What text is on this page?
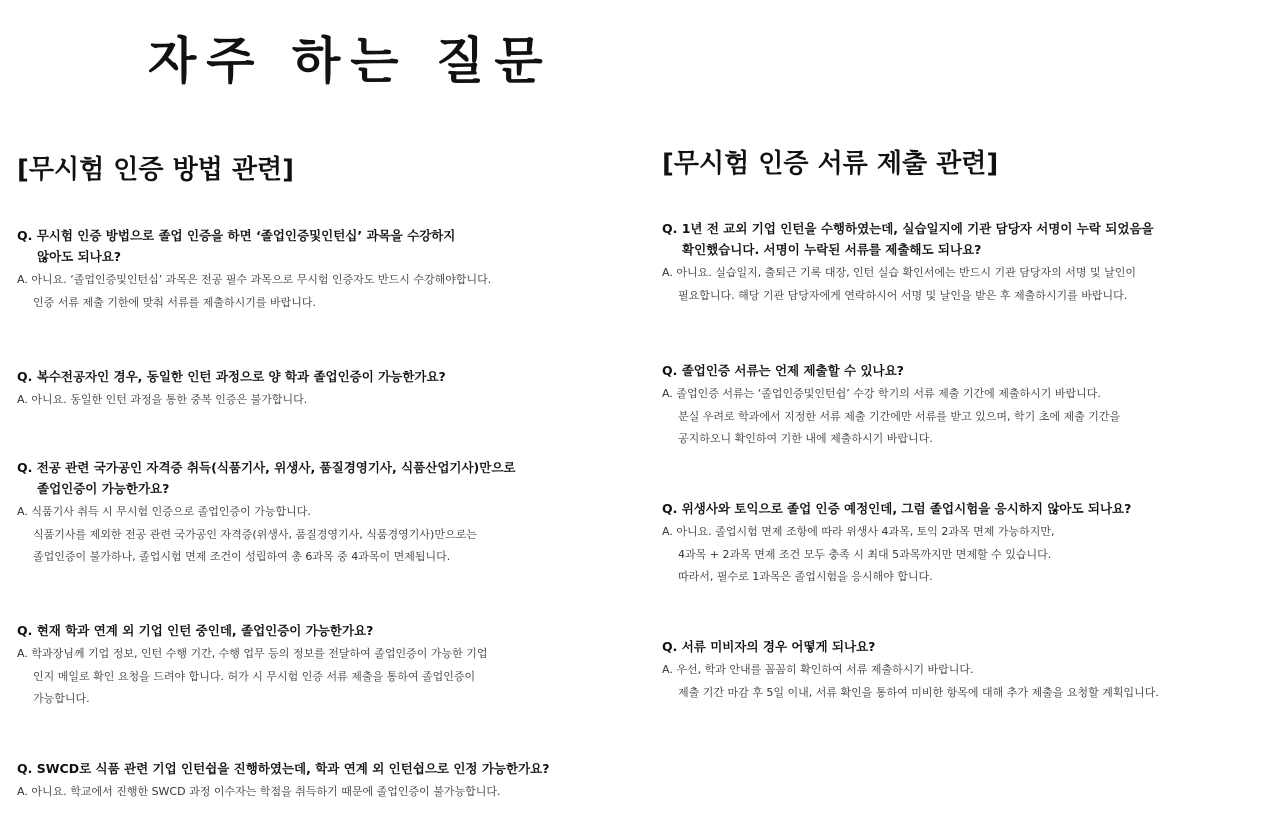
자주 하는 질문
[무시험 인증 방법 관련]

Q. 무시험 인증 방법으로 졸업 인증을 하면 ‘졸업인증및인턴십’ 과목을 수강하지
않아도 되나요?

A. 아니요. ‘졸업인증및인턴십’ 과목은 전공 필수 과목으로 무시험 인증자도 반드시 수강해야합니다.
인증 서류 제출 기한에 맞춰 서류를 제출하시기를 바랍니다.

Q. 복수전공자인 경우, 동일한 인턴 과정으로 양 학과 졸업인증이 가능한가요?

A. 아니요. 동일한 인턴 과정을 통한 중복 인증은 불가합니다.

Q. 전공 관련 국가공인 자격증 취득(식품기사, 위생사, 품질경영기사, 식품산업기사)만으로
졸업인증이 가능한가요?

A. 식품기사 취득 시 무시험 인증으로 졸업인증이 가능합니다.
식품기사를 제외한 전공 관련 국가공인 자격증(위생사, 품질경영기사, 식품경영기사)만으로는
졸업인증이 불가하나, 졸업시험 면제 조건이 성립하여 총 6과목 중 4과목이 면제됩니다.

Q. 현재 학과 연계 외 기업 인턴 중인데, 졸업인증이 가능한가요?

A. 학과장님께 기업 정보, 인턴 수행 기간, 수행 업무 등의 정보를 전달하여 졸업인증이 가능한 기업
인지 메일로 확인 요청을 드려야 합니다. 허가 시 무시험 인증 서류 제출을 통하여 졸업인증이
가능합니다.

Q. SWCD로 식품 관련 기업 인턴쉽을 진행하였는데, 학과 연계 외 인턴쉽으로 인정 가능한가요?

A. 아니요. 학교에서 진행한 SWCD 과정 이수자는 학점을 취득하기 때문에 졸업인증이 불가능합니다.

[무시험 인증 서류 제출 관련]

Q. 1년 전 교외 기업 인턴을 수행하였는데, 실습일지에 기관 담당자 서명이 누락 되었음을
확인했습니다. 서명이 누락된 서류를 제출해도 되나요?

A. 아니요. 실습일지, 출퇴근 기록 대장, 인턴 실습 확인서에는 반드시 기관 담당자의 서명 및 날인이
필요합니다. 해당 기관 담당자에게 연락하시어 서명 및 날인을 받은 후 제출하시기를 바랍니다.

Q. 졸업인증 서류는 언제 제출할 수 있나요?

A. 졸업인증 서류는 ‘졸업인증및인턴쉽’ 수강 학기의 서류 제출 기간에 제출하시기 바랍니다.
분실 우려로 학과에서 지정한 서류 제출 기간에만 서류를 받고 있으며, 학기 초에 제출 기간을
공지하오니 확인하여 기한 내에 제출하시기 바랍니다.

Q. 위생사와 토익으로 졸업 인증 예정인데, 그럼 졸업시험을 응시하지 않아도 되나요?

A. 아니요. 졸업시험 면제 조항에 따라 위생사 4과목, 토익 2과목 면제 가능하지만,
4과목 + 2과목 면제 조건 모두 충족 시 최대 5과목까지만 면제할 수 있습니다.
따라서, 필수로 1과목은 졸업시험을 응시해야 합니다.

Q. 서류 미비자의 경우 어떻게 되나요?

A. 우선, 학과 안내를 꼼꼼히 확인하여 서류 제출하시기 바랍니다.
제출 기간 마감 후 5일 이내, 서류 확인을 통하여 미비한 항목에 대해 추가 제출을 요청할 계획입니다.
